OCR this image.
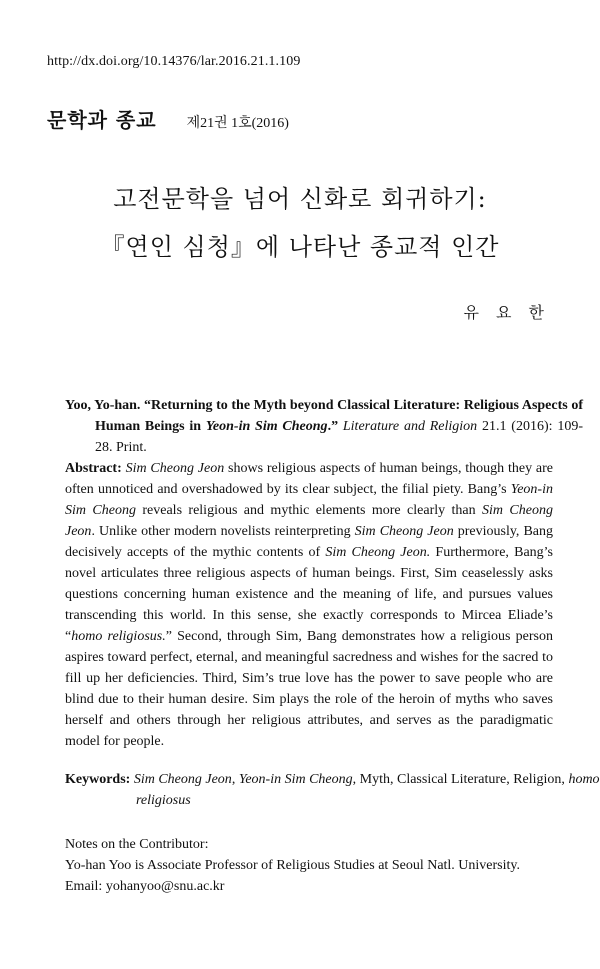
http://dx.doi.org/10.14376/lar.2016.21.1.109
문학과 종교 제21권 1호(2016)
고전문학을 넘어 신화로 회귀하기:
『연인 심청』에 나타난 종교적 인간
유 요 한
Yoo, Yo-han. “Returning to the Myth beyond Classical Literature: Religious Aspects of Human Beings in Yeon-in Sim Cheong.” Literature and Religion 21.1 (2016): 109-28. Print.
Abstract: Sim Cheong Jeon shows religious aspects of human beings, though they are often unnoticed and overshadowed by its clear subject, the filial piety. Bang’s Yeon-in Sim Cheong reveals religious and mythic elements more clearly than Sim Cheong Jeon. Unlike other modern novelists reinterpreting Sim Cheong Jeon previously, Bang decisively accepts of the mythic contents of Sim Cheong Jeon. Furthermore, Bang’s novel articulates three religious aspects of human beings. First, Sim ceaselessly asks questions concerning human existence and the meaning of life, and pursues values transcending this world. In this sense, she exactly corresponds to Mircea Eliade’s “homo religiosus.” Second, through Sim, Bang demonstrates how a religious person aspires toward perfect, eternal, and meaningful sacredness and wishes for the sacred to fill up her deficiencies. Third, Sim’s true love has the power to save people who are blind due to their human desire. Sim plays the role of the heroin of myths who saves herself and others through her religious attributes, and serves as the paradigmatic model for people.
Keywords: Sim Cheong Jeon, Yeon-in Sim Cheong, Myth, Classical Literature, Religion, homo religiosus
Notes on the Contributor:
Yo-han Yoo is Associate Professor of Religious Studies at Seoul Natl. University.
Email: yohanyoo@snu.ac.kr
